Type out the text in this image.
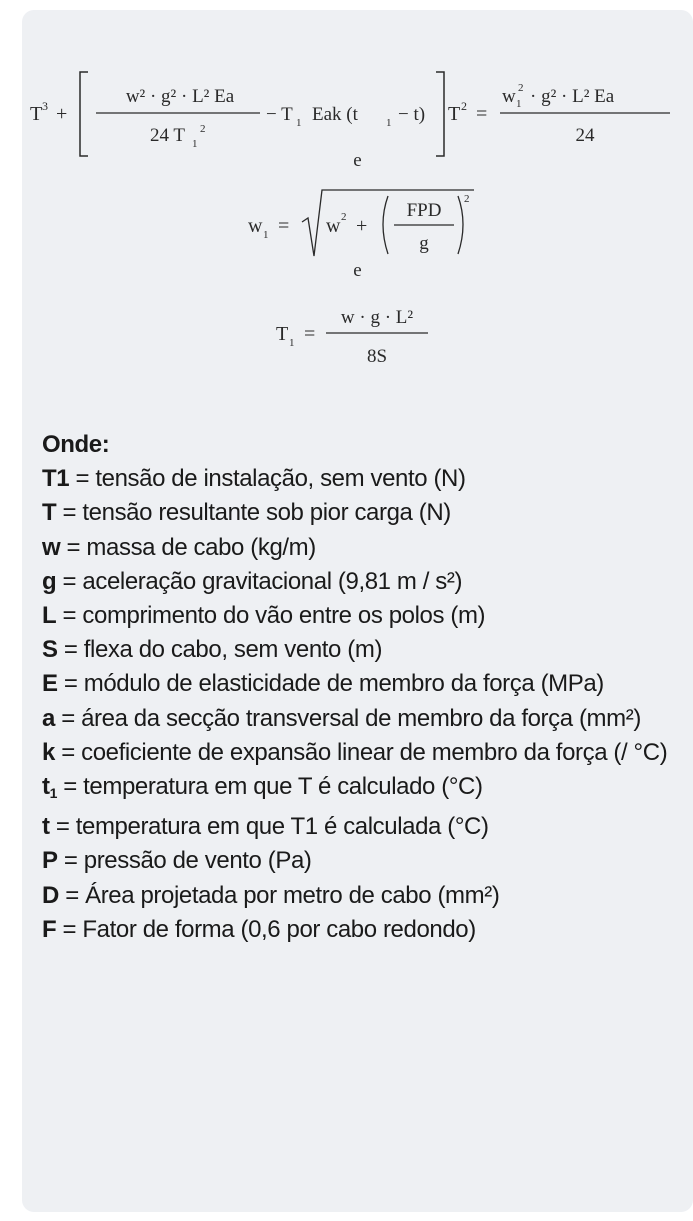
T 3 +
w² · g² · L² Ea
24 T 1
2
− T 1 Eak (t	1 − t) T 2 =
w 1
2 · g² · L² Ea
24
w 1 = w 2 +
FPD
g
2
T 1 =
w · g · L²
8S
e
e
Onde:
T1 = tensão de instalação, sem vento (N)
T = tensão resultante sob pior carga (N)
w = massa de cabo (kg/m)
g = aceleração gravitacional (9,81 m / s²)
L = comprimento do vão entre os polos (m)
S = flexa do cabo, sem vento (m)
E = módulo de elasticidade de membro da força (MPa)
a = área da secção transversal de membro da força (mm²)
k = coeficiente de expansão linear de membro da força (/ °C)
$t_1$ = temperatura em que T é calculado (°C)
t = temperatura em que T1 é calculada (°C)
P = pressão de vento (Pa)
D = Área projetada por metro de cabo (mm²)
F = Fator de forma (0,6 por cabo redondo)
